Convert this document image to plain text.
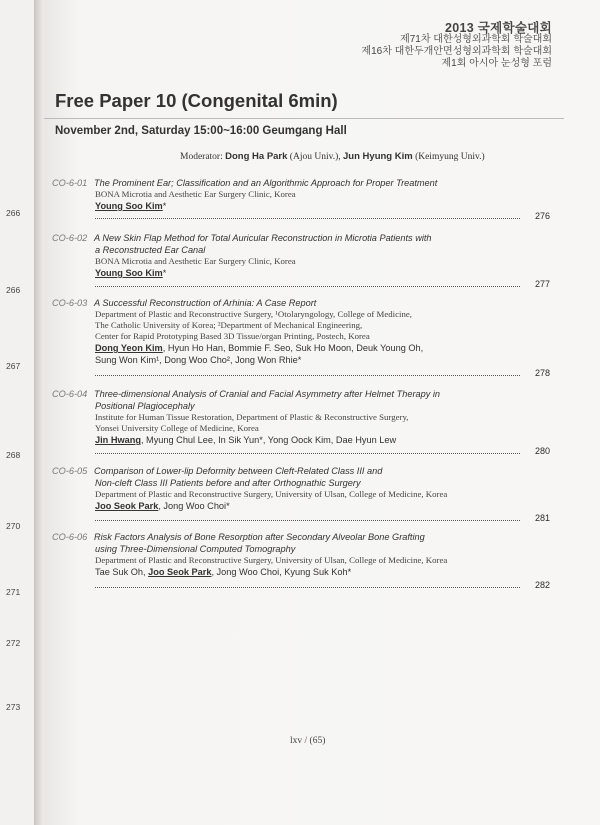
266
266
267
268
270
271
272
273
2013 국제학술대회
제71차 대한성형외과학회 학술대회
제16차 대한두개안면성형외과학회 학술대회
제1회 아시아 눈성형 포럼
Free Paper 10 (Congenital 6min)
November 2nd, Saturday 15:00~16:00 Geumgang Hall
Moderator: Dong Ha Park (Ajou Univ.), Jun Hyung Kim (Keimyung Univ.)
CO-6-01 The Prominent Ear; Classification and an Algorithmic Approach for Proper Treatment
BONA Microtia and Aesthetic Ear Surgery Clinic, Korea
Young Soo Kim*
276
CO-6-02 A New Skin Flap Method for Total Auricular Reconstruction in Microtia Patients with
a Reconstructed Ear Canal
BONA Microtia and Aesthetic Ear Surgery Clinic, Korea
Young Soo Kim*
277
CO-6-03 A Successful Reconstruction of Arhinia: A Case Report
Department of Plastic and Reconstructive Surgery, ¹Otolaryngology, College of Medicine,
The Catholic University of Korea; ²Department of Mechanical Engineering,
Center for Rapid Prototyping Based 3D Tissue/organ Printing, Postech, Korea
Dong Yeon Kim, Hyun Ho Han, Bommie F. Seo, Suk Ho Moon, Deuk Young Oh,
Sung Won Kim¹, Dong Woo Cho², Jong Won Rhie*
278
CO-6-04 Three-dimensional Analysis of Cranial and Facial Asymmetry after Helmet Therapy in
Positional Plagiocephaly
Institute for Human Tissue Restoration, Department of Plastic & Reconstructive Surgery,
Yonsei University College of Medicine, Korea
Jin Hwang, Myung Chul Lee, In Sik Yun*, Yong Oock Kim, Dae Hyun Lew
280
CO-6-05 Comparison of Lower-lip Deformity between Cleft-Related Class III and
Non-cleft Class III Patients before and after Orthognathic Surgery
Department of Plastic and Reconstructive Surgery, University of Ulsan, College of Medicine, Korea
Joo Seok Park, Jong Woo Choi*
281
CO-6-06 Risk Factors Analysis of Bone Resorption after Secondary Alveolar Bone Grafting
using Three-Dimensional Computed Tomography
Department of Plastic and Reconstructive Surgery, University of Ulsan, College of Medicine, Korea
Tae Suk Oh, Joo Seok Park, Jong Woo Choi, Kyung Suk Koh*
282
lxv / (65)
